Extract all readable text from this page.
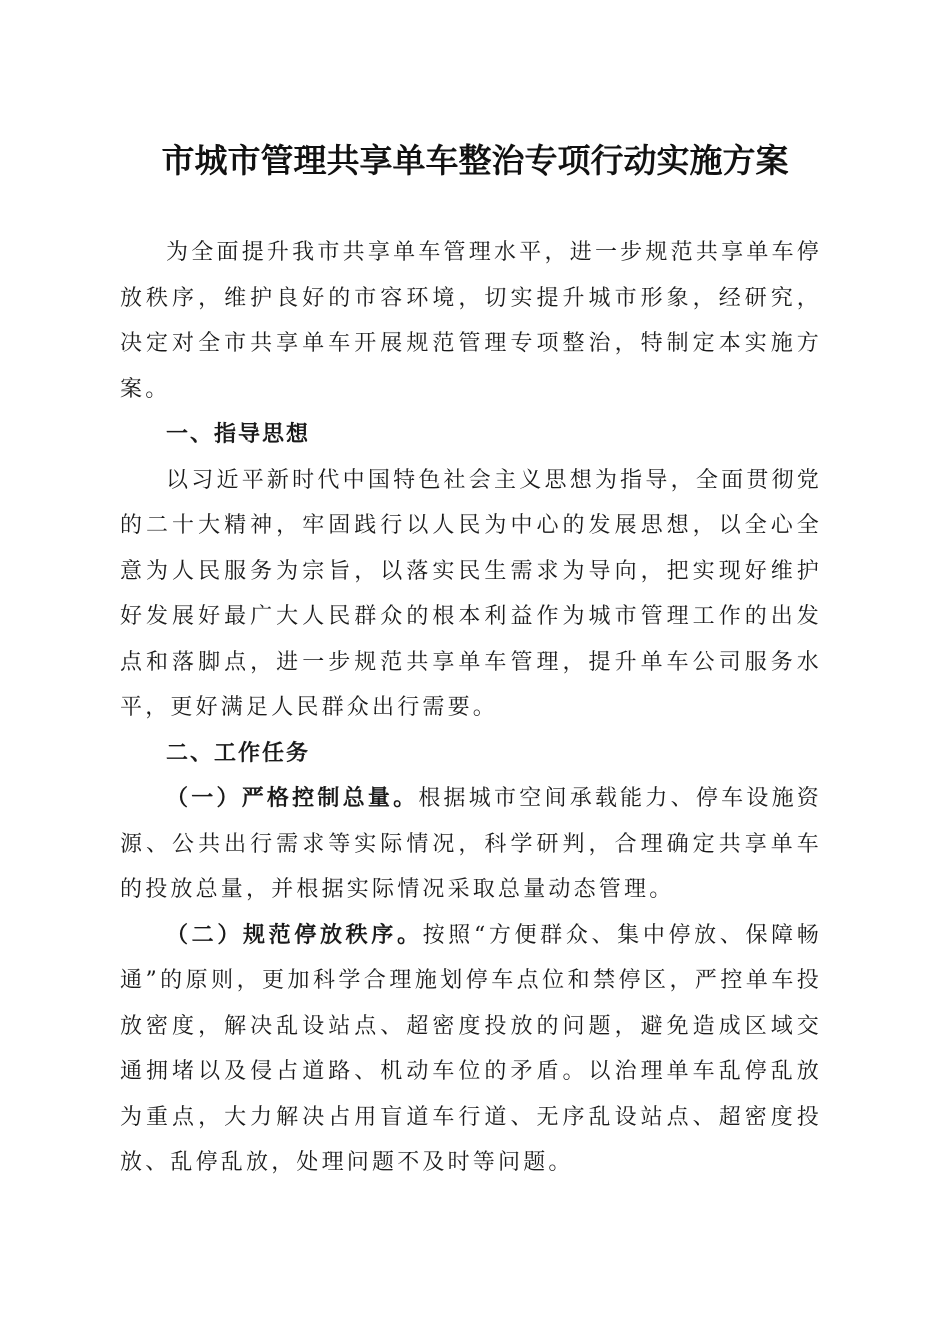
市城市管理共享单车整治专项行动实施方案

为全面提升我市共享单车管理水平，进一步规范共享单车停放秩序，维护良好的市容环境，切实提升城市形象，经研究，决定对全市共享单车开展规范管理专项整治，特制定本实施方案。

一、指导思想

以习近平新时代中国特色社会主义思想为指导，全面贯彻党的二十大精神，牢固践行以人民为中心的发展思想，以全心全意为人民服务为宗旨，以落实民生需求为导向，把实现好维护好发展好最广大人民群众的根本利益作为城市管理工作的出发点和落脚点，进一步规范共享单车管理，提升单车公司服务水平，更好满足人民群众出行需要。

二、工作任务

（一）严格控制总量。根据城市空间承载能力、停车设施资源、公共出行需求等实际情况，科学研判，合理确定共享单车的投放总量，并根据实际情况采取总量动态管理。

（二）规范停放秩序。按照“方便群众、集中停放、保障畅通”的原则，更加科学合理施划停车点位和禁停区，严控单车投放密度，解决乱设站点、超密度投放的问题，避免造成区域交通拥堵以及侵占道路、机动车位的矛盾。以治理单车乱停乱放为重点，大力解决占用盲道车行道、无序乱设站点、超密度投放、乱停乱放，处理问题不及时等问题。
